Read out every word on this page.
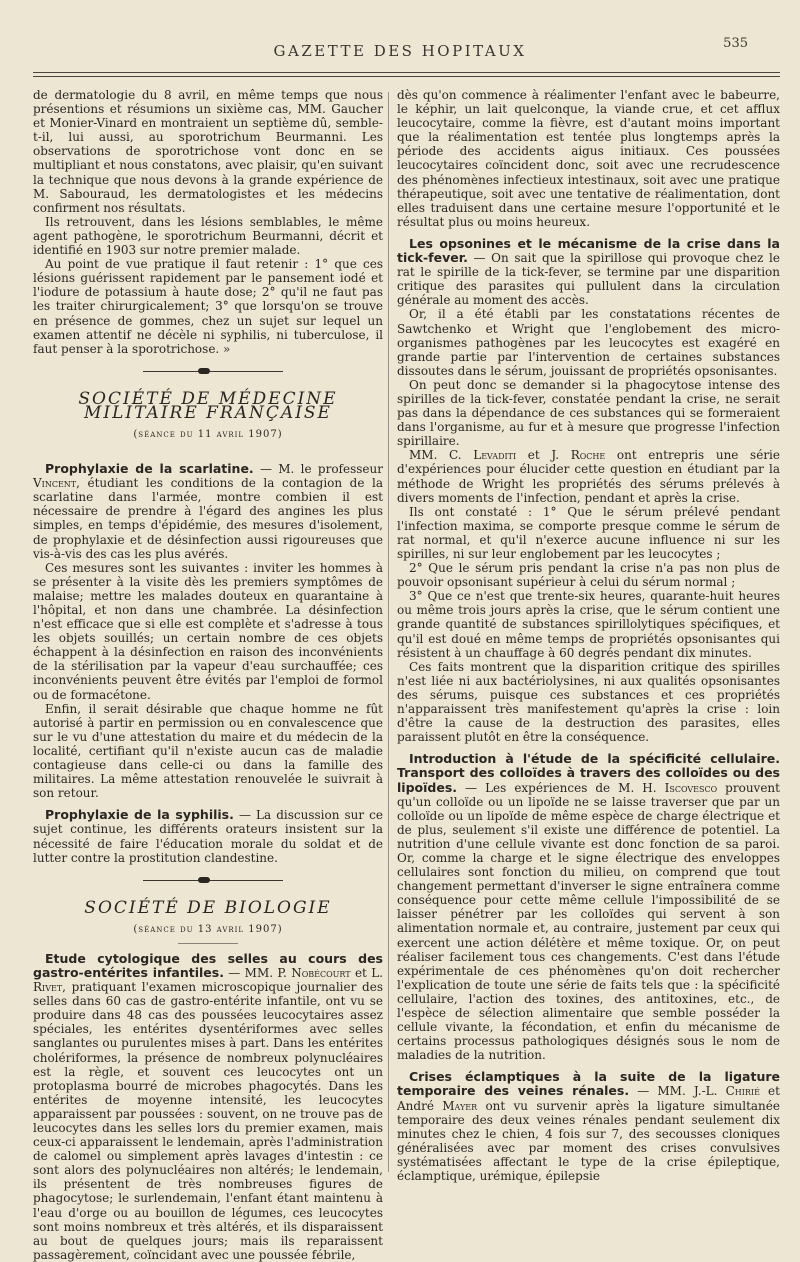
GAZETTE DES HOPITAUX	535

de dermatologie du 8 avril, en même temps que nous présentions et résumions un sixième cas, MM. Gaucher et Monier-Vinard en montraient un septième dû, semble-t-il, lui aussi, au sporotrichum Beurmanni. Les observations de sporotrichose vont donc en se multipliant et nous constatons, avec plaisir, qu'en suivant la technique que nous devons à la grande expérience de M. Sabouraud, les dermatologistes et les médecins confirment nos résultats.

Ils retrouvent, dans les lésions semblables, le même agent pathogène, le sporotrichum Beurmanni, décrit et identifié en 1903 sur notre premier malade.

Au point de vue pratique il faut retenir : 1° que ces lésions guérissent rapidement par le pansement iodé et l'iodure de potassium à haute dose; 2° qu'il ne faut pas les traiter chirurgicalement; 3° que lorsqu'on se trouve en présence de gommes, chez un sujet sur lequel un examen attentif ne décèle ni syphilis, ni tuberculose, il faut penser à la sporotrichose. »

SOCIÉTÉ DE MÉDECINE MILITAIRE FRANÇAISE
(séance du 11 avril 1907)

Prophylaxie de la scarlatine. — M. le professeur Vincent, étudiant les conditions de la contagion de la scarlatine dans l'armée, montre combien il est nécessaire de prendre à l'égard des angines les plus simples, en temps d'épidémie, des mesures d'isolement, de prophylaxie et de désinfection aussi rigoureuses que vis-à-vis des cas les plus avérés.

Ces mesures sont les suivantes : inviter les hommes à se présenter à la visite dès les premiers symptômes de malaise; mettre les malades douteux en quarantaine à l'hôpital, et non dans une chambrée. La désinfection n'est efficace que si elle est complète et s'adresse à tous les objets souillés; un certain nombre de ces objets échappent à la désinfection en raison des inconvénients de la stérilisation par la vapeur d'eau surchauffée; ces inconvénients peuvent être évités par l'emploi de formol ou de formacétone.

Enfin, il serait désirable que chaque homme ne fût autorisé à partir en permission ou en convalescence que sur le vu d'une attestation du maire et du médecin de la localité, certifiant qu'il n'existe aucun cas de maladie contagieuse dans celle-ci ou dans la famille des militaires. La même attestation renouvelée le suivrait à son retour.

Prophylaxie de la syphilis. — La discussion sur ce sujet continue, les différents orateurs insistent sur la nécessité de faire l'éducation morale du soldat et de lutter contre la prostitution clandestine.

SOCIÉTÉ DE BIOLOGIE
(séance du 13 avril 1907)

Etude cytologique des selles au cours des gastro-entérites infantiles. — MM. P. Nobécourt et L. Rivet, pratiquant l'examen microscopique journalier des selles dans 60 cas de gastro-entérite infantile, ont vu se produire dans 48 cas des poussées leucocytaires assez spéciales, les entérites dysentériformes avec selles sanglantes ou purulentes mises à part. Dans les entérites cholériformes, la présence de nombreux polynucléaires est la règle, et souvent ces leucocytes ont un protoplasma bourré de microbes phagocytés. Dans les entérites de moyenne intensité, les leucocytes apparaissent par poussées : souvent, on ne trouve pas de leucocytes dans les selles lors du premier examen, mais ceux-ci apparaissent le lendemain, après l'administration de calomel ou simplement après lavages d'intestin : ce sont alors des polynucléaires non altérés; le lendemain, ils présentent de très nombreuses figures de phagocytose; le surlendemain, l'enfant étant maintenu à l'eau d'orge ou au bouillon de légumes, ces leucocytes sont moins nombreux et très altérés, et ils disparaissent au bout de quelques jours; mais ils reparaissent passagèrement, coïncidant avec une poussée fébrile,

dès qu'on commence à réalimenter l'enfant avec le babeurre, le képhir, un lait quelconque, la viande crue, et cet afflux leucocytaire, comme la fièvre, est d'autant moins important que la réalimentation est tentée plus longtemps après la période des accidents aigus initiaux. Ces poussées leucocytaires coïncident donc, soit avec une recrudescence des phénomènes infectieux intestinaux, soit avec une pratique thérapeutique, soit avec une tentative de réalimentation, dont elles traduisent dans une certaine mesure l'opportunité et le résultat plus ou moins heureux.

Les opsonines et le mécanisme de la crise dans la tick-fever. — On sait que la spirillose qui provoque chez le rat le spirille de la tick-fever, se termine par une disparition critique des parasites qui pullulent dans la circulation générale au moment des accès.

Or, il a été établi par les constatations récentes de Sawtchenko et Wright que l'englobement des micro-organismes pathogènes par les leucocytes est exagéré en grande partie par l'intervention de certaines substances dissoutes dans le sérum, jouissant de propriétés opsonisantes.

On peut donc se demander si la phagocytose intense des spirilles de la tick-fever, constatée pendant la crise, ne serait pas dans la dépendance de ces substances qui se formeraient dans l'organisme, au fur et à mesure que progresse l'infection spirillaire.

MM. C. Levaditi et J. Roche ont entrepris une série d'expériences pour élucider cette question en étudiant par la méthode de Wright les propriétés des sérums prélevés à divers moments de l'infection, pendant et après la crise.

Ils ont constaté : 1° Que le sérum prélevé pendant l'infection maxima, se comporte presque comme le sérum de rat normal, et qu'il n'exerce aucune influence ni sur les spirilles, ni sur leur englobement par les leucocytes ;

2° Que le sérum pris pendant la crise n'a pas non plus de pouvoir opsonisant supérieur à celui du sérum normal ;

3° Que ce n'est que trente-six heures, quarante-huit heures ou même trois jours après la crise, que le sérum contient une grande quantité de substances spirillolytiques spécifiques, et qu'il est doué en même temps de propriétés opsonisantes qui résistent à un chauffage à 60 degrés pendant dix minutes.

Ces faits montrent que la disparition critique des spirilles n'est liée ni aux bactériolysines, ni aux qualités opsonisantes des sérums, puisque ces substances et ces propriétés n'apparaissent très manifestement qu'après la crise : loin d'être la cause de la destruction des parasites, elles paraissent plutôt en être la conséquence.

Introduction à l'étude de la spécificité cellulaire. Transport des colloïdes à travers des colloïdes ou des lipoïdes. — Les expériences de M. H. Iscovesco prouvent qu'un colloïde ou un lipoïde ne se laisse traverser que par un colloïde ou un lipoïde de même espèce de charge électrique et de plus, seulement s'il existe une différence de potentiel. La nutrition d'une cellule vivante est donc fonction de sa paroi. Or, comme la charge et le signe électrique des enveloppes cellulaires sont fonction du milieu, on comprend que tout changement permettant d'inverser le signe entraînera comme conséquence pour cette même cellule l'impossibilité de se laisser pénétrer par les colloïdes qui servent à son alimentation normale et, au contraire, justement par ceux qui exercent une action délétère et même toxique. Or, on peut réaliser facilement tous ces changements. C'est dans l'étude expérimentale de ces phénomènes qu'on doit rechercher l'explication de toute une série de faits tels que : la spécificité cellulaire, l'action des toxines, des antitoxines, etc., de l'espèce de sélection alimentaire que semble posséder la cellule vivante, la fécondation, et enfin du mécanisme de certains processus pathologiques désignés sous le nom de maladies de la nutrition.

Crises éclamptiques à la suite de la ligature temporaire des veines rénales. — MM. J.-L. Chirié et André Mayer ont vu survenir après la ligature simultanée temporaire des deux veines rénales pendant seulement dix minutes chez le chien, 4 fois sur 7, des secousses cloniques généralisées avec par moment des crises convulsives systématisées affectant le type de la crise épileptique, éclamptique, urémique, épilepsie
